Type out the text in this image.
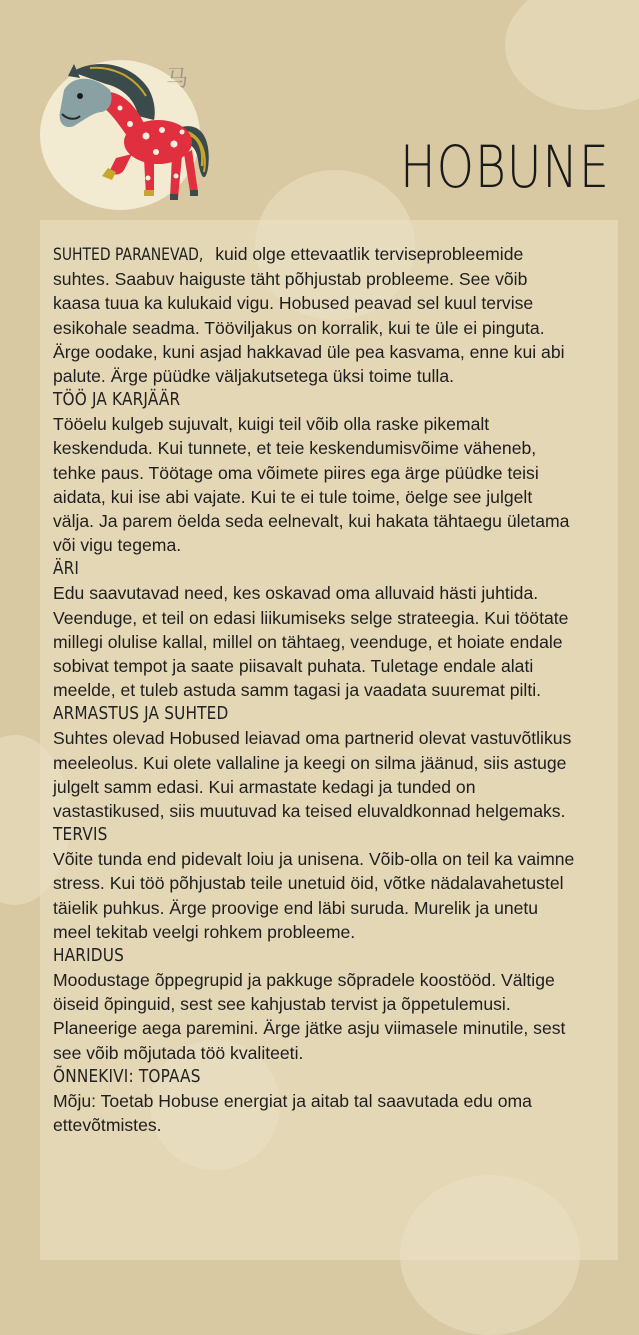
马
HOBUNE

SUHTED PARANEVAD, kuid olge ettevaatlik terviseprobleemide suhtes. Saabuv haiguste täht põhjustab probleeme. See võib kaasa tuua ka kulukaid vigu. Hobused peavad sel kuul tervise esikohale seadma. Tööviljakus on korralik, kui te üle ei pinguta. Ärge oodake, kuni asjad hakkavad üle pea kasvama, enne kui abi palute. Ärge püüdke väljakutsetega üksi toime tulla.

TÖÖ JA KARJÄÄR

Tööelu kulgeb sujuvalt, kuigi teil võib olla raske pikemalt keskenduda. Kui tunnete, et teie keskendumisvõime väheneb, tehke paus. Töötage oma võimete piires ega ärge püüdke teisi aidata, kui ise abi vajate. Kui te ei tule toime, öelge see julgelt välja. Ja parem öelda seda eelnevalt, kui hakata tähtaegu ületama või vigu tegema.

ÄRI

Edu saavutavad need, kes oskavad oma alluvaid hästi juhtida. Veenduge, et teil on edasi liikumiseks selge strateegia. Kui töötate millegi olulise kallal, millel on tähtaeg, veenduge, et hoiate endale sobivat tempot ja saate piisavalt puhata. Tuletage endale alati meelde, et tuleb astuda samm tagasi ja vaadata suuremat pilti.

ARMASTUS JA SUHTED

Suhtes olevad Hobused leiavad oma partnerid olevat vastuvõtlikus meeleolus. Kui olete vallaline ja keegi on silma jäänud, siis astuge julgelt samm edasi. Kui armastate kedagi ja tunded on vastastikused, siis muutuvad ka teised eluvaldkonnad helgemaks.

TERVIS

Võite tunda end pidevalt loiu ja unisena. Võib-olla on teil ka vaimne stress. Kui töö põhjustab teile unetuid öid, võtke nädalavahetustel täielik puhkus. Ärge proovige end läbi suruda. Murelik ja unetu meel tekitab veelgi rohkem probleeme.

HARIDUS

Moodustage õppegrupid ja pakkuge sõpradele koostööd. Vältige öiseid õpinguid, sest see kahjustab tervist ja õppetulemusi. Planeerige aega paremini. Ärge jätke asju viimasele minutile, sest see võib mõjutada töö kvaliteeti.

ÕNNEKIVI: TOPAAS

Mõju: Toetab Hobuse energiat ja aitab tal saavutada edu oma ettevõtmistes.
